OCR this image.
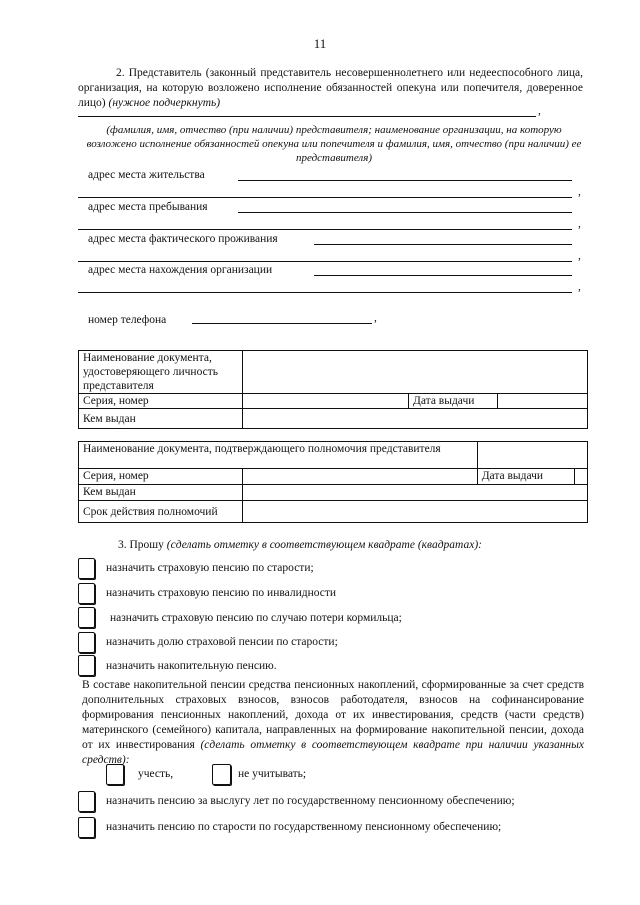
11
2. Представитель (законный представитель несовершеннолетнего или недееспособного лица, организация, на которую возложено исполнение обязанностей опекуна или попечителя, доверенное лицо) (нужное подчеркнуть)
,
(фамилия, имя, отчество (при наличии) представителя; наименование организации, на которую возложено исполнение обязанностей опекуна или попечителя и фамилия, имя, отчество (при наличии) ее представителя)
адрес места жительства
,
адрес места пребывания
,
адрес места фактического проживания
,
адрес места нахождения организации
,
номер телефона	,
Наименование документа, удостоверяющего личность представителя			
Серия, номер		Дата выдачи	
Кем выдан			
Наименование документа, подтверждающего полномочия представителя			
Серия, номер		Дата выдачи	
Кем выдан			
Срок действия полномочий			
3. Прошу (сделать отметку в соответствующем квадрате (квадратах):
назначить страховую пенсию по старости;
назначить страховую пенсию по инвалидности
назначить страховую пенсию по случаю потери кормильца;
назначить долю страховой пенсии по старости;
назначить накопительную пенсию.
В составе накопительной пенсии средства пенсионных накоплений, сформированные за счет средств дополнительных страховых взносов, взносов работодателя, взносов на софинансирование формирования пенсионных накоплений, дохода от их инвестирования, средств (части средств) материнского (семейного) капитала, направленных на формирование накопительной пенсии, дохода от их инвестирования (сделать отметку в соответствующем квадрате при наличии указанных средств):
учесть,	не учитывать;
назначить пенсию за выслугу лет по государственному пенсионному обеспечению;
назначить пенсию по старости по государственному пенсионному обеспечению;
